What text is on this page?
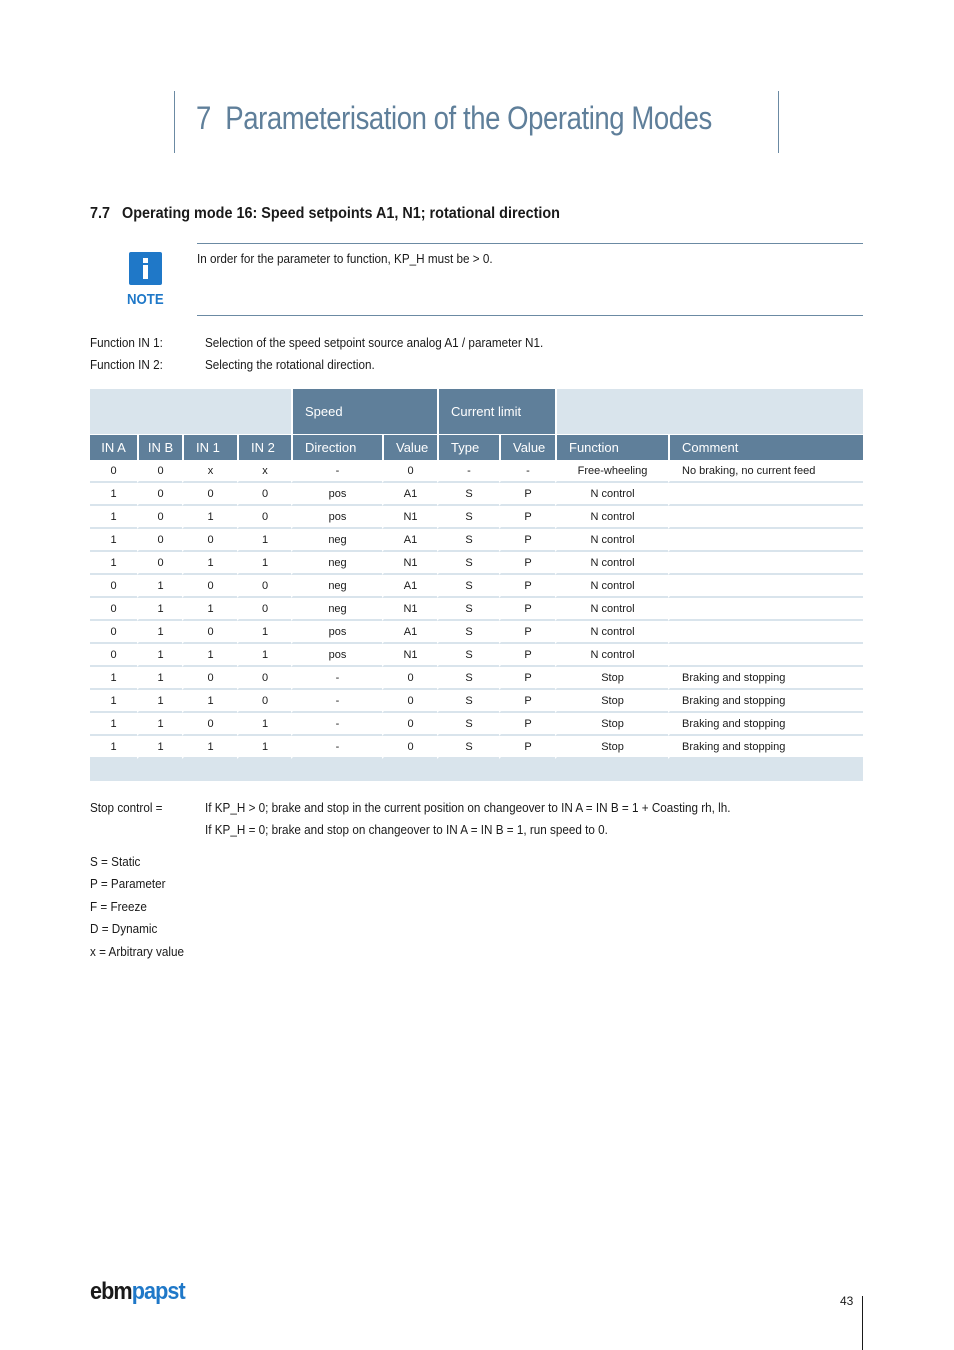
7 Parameterisation of the Operating Modes
7.7 Operating mode 16: Speed setpoints A1, N1; rotational direction
NOTE
In order for the parameter to function, KP_H must be > 0.
Function IN 1:	Selection of the speed setpoint source analog A1 / parameter N1.
Function IN 2:	Selecting the rotational direction.
				Speed		Current limit			

IN A	IN B	IN 1	IN 2	Direction	Value	Type	Value	Function	Comment
0	0	x	x	-	0	-	-	Free-wheeling	No braking, no current feed
1	0	0	0	pos	A1	S	P	N control	
1	0	1	0	pos	N1	S	P	N control	
1	0	0	1	neg	A1	S	P	N control	
1	0	1	1	neg	N1	S	P	N control	
0	1	0	0	neg	A1	S	P	N control	
0	1	1	0	neg	N1	S	P	N control	
0	1	0	1	pos	A1	S	P	N control	
0	1	1	1	pos	N1	S	P	N control	
1	1	0	0	-	0	S	P	Stop	Braking and stopping
1	1	1	0	-	0	S	P	Stop	Braking and stopping
1	1	0	1	-	0	S	P	Stop	Braking and stopping
1	1	1	1	-	0	S	P	Stop	Braking and stopping

Stop control =	If KP_H > 0; brake and stop in the current position on changeover to IN A = IN B = 1 + Coasting rh, lh.
If KP_H = 0; brake and stop on changeover to IN A = IN B = 1, run speed to 0.
S = Static
P = Parameter
F = Freeze
D = Dynamic
x = Arbitrary value
ebmpapst	43
